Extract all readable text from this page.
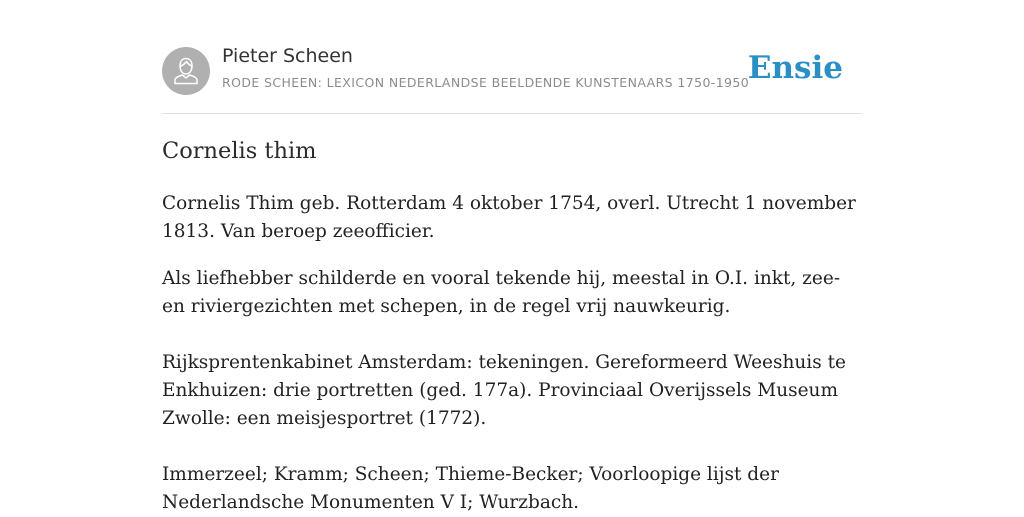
Pieter Scheen
RODE SCHEEN: LEXICON NEDERLANDSE BEELDENDE KUNSTENAARS 1750-1950
Ensie
Cornelis thim

Cornelis Thim geb. Rotterdam 4 oktober 1754, overl. Utrecht 1 november 1813. Van beroep zeeofficier.

Als liefhebber schilderde en vooral tekende hij, meestal in O.I. inkt, zee- en riviergezichten met schepen, in de regel vrij nauwkeurig.

Rijksprentenkabinet Amsterdam: tekeningen. Gereformeerd Weeshuis te Enkhuizen: drie portretten (ged. 177a). Provinciaal Overijssels Museum Zwolle: een meisjesportret (1772).

Immerzeel; Kramm; Scheen; Thieme-Becker; Voorloopige lijst der Nederlandsche Monumenten V I; Wurzbach.
